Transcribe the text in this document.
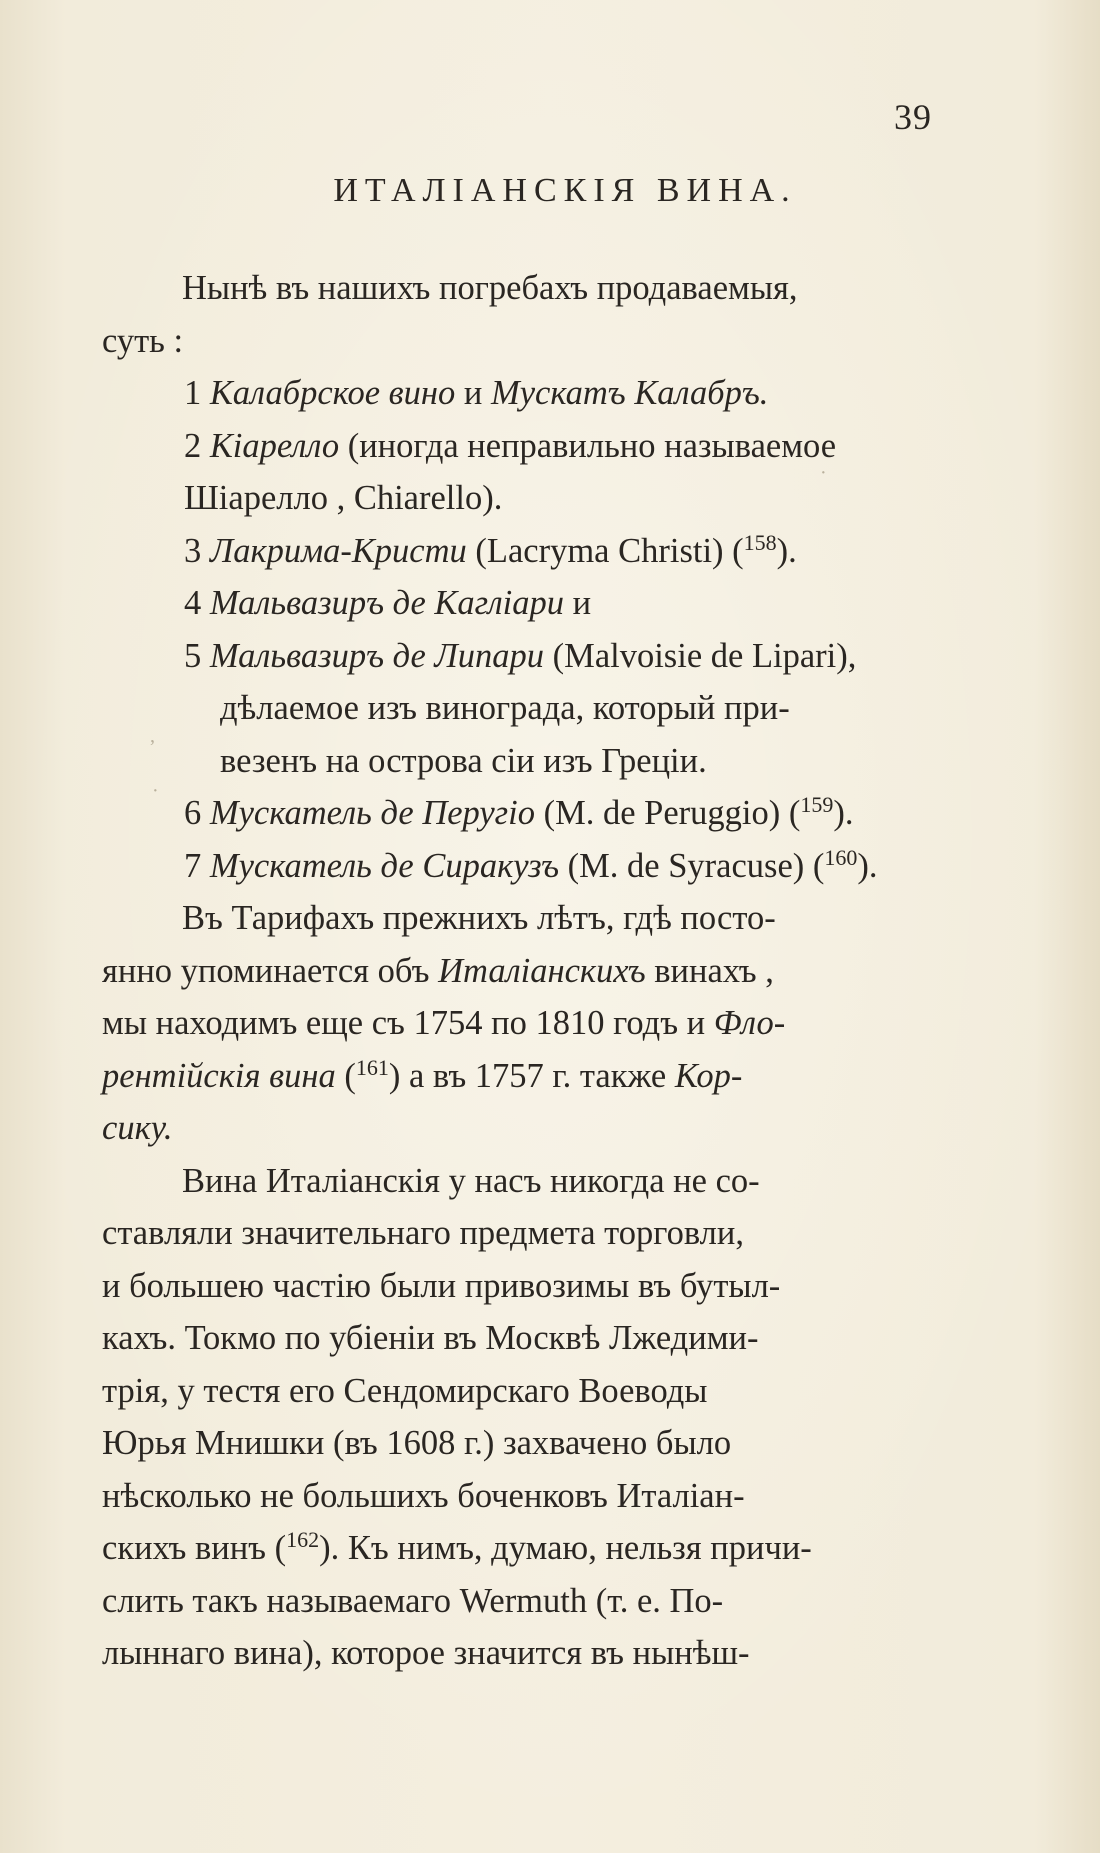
39
ИТАЛІАНСКІЯ ВИНА.
Нынѣ въ нашихъ погребахъ продаваемыя,
суть :
1 Калабрское вино и Мускатъ Калабръ.
2 Кіарелло (иногда неправильно называемое
Шіарелло , Chiarello).
3 Лакрима-Кристи (Lacryma Christi) ($^{158}$).
4 Мальвазиръ де Кагліари и
5 Мальвазиръ де Липари (Malvoisie de Lipari),
дѣлаемое изъ винограда, который при-
везенъ на острова сіи изъ Греціи.
6 Мускатель де Перугіо (M. de Peruggio) ($^{159}$).
7 Мускатель де Сиракузъ (M. de Syracuse) ($^{160}$).
Въ Тарифахъ прежнихъ лѣтъ, гдѣ посто-
янно упоминается объ Италіанскихъ винахъ ,
мы находимъ еще съ 1754 по 1810 годъ и Фло-
рентійскія вина ($^{161}$) а въ 1757 г. также Кор-
сику.
Вина Италіанскія у насъ никогда не со-
ставляли значительнаго предмета торговли,
и большею частію были привозимы въ бутыл-
кахъ. Токмо по убіеніи въ Москвѣ Лжедими-
трія, у тестя его Сендомирскаго Воеводы
Юрья Мнишки (въ 1608 г.) захвачено было
нѣсколько не большихъ боченковъ Италіан-
скихъ винъ ($^{162}$). Къ нимъ, думаю, нельзя причи-
слить такъ называемаго Wermuth (т. е. По-
лыннаго вина), которое значится въ нынѣш-
,
·
·
